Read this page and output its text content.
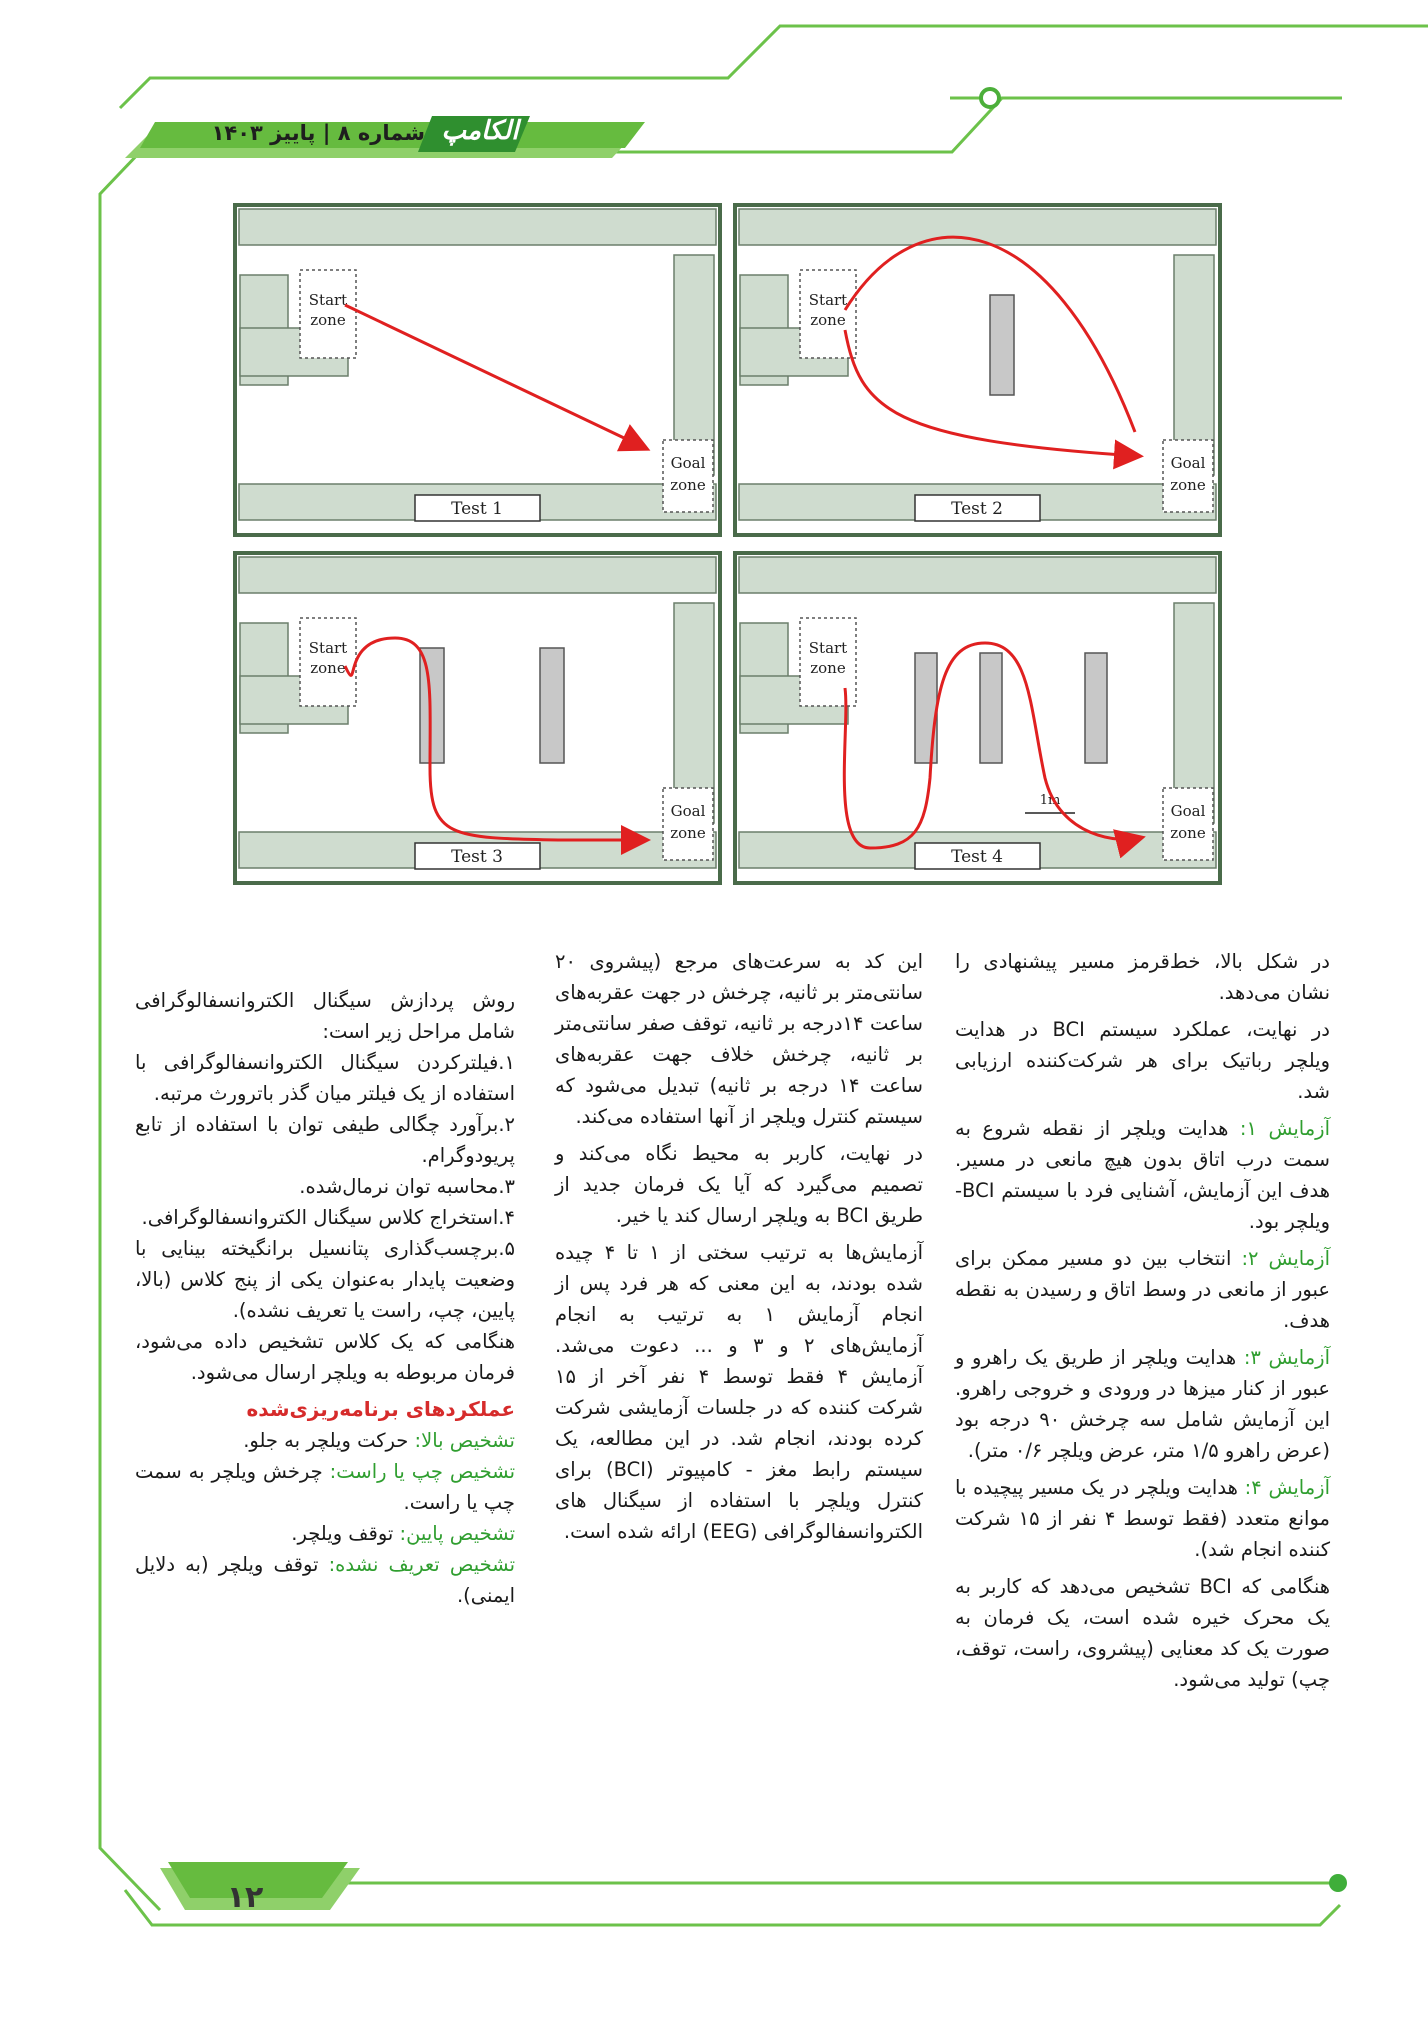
شماره ۸ | پاییز ۱۴۰۳ الکامپ
Start
zone
Goal
zone
Test 1
Start
zone
Goal
zone
Test 2
Start
zone
Goal
zone
Test 3
Start
zone
Goal
zone
Test 4
1m

در شکل بالا، خط‌قرمز مسیر پیشنهادی را نشان می‌دهد.

در نهایت، عملکرد سیستم BCI در هدایت ویلچر رباتیک برای هر شرکت‌کننده ارزیابی شد.

آزمایش ۱: هدایت ویلچر از نقطه شروع به سمت درب اتاق بدون هیچ مانعی در مسیر. هدف این آزمایش، آشنایی فرد با سیستم BCI-ویلچر بود.

آزمایش ۲: انتخاب بین دو مسیر ممکن برای عبور از مانعی در وسط اتاق و رسیدن به نقطه هدف.

آزمایش ۳: هدایت ویلچر از طریق یک راهرو و عبور از کنار میزها در ورودی و خروجی راهرو. این آزمایش شامل سه چرخش ۹۰ درجه بود (عرض راهرو ۱/۵ متر، عرض ویلچر ۰/۶ متر).

آزمایش ۴: هدایت ویلچر در یک مسیر پیچیده با موانع متعدد (فقط توسط ۴ نفر از ۱۵ شرکت کننده انجام شد).

هنگامی که BCI تشخیص می‌دهد که کاربر به یک محرک خیره شده است، یک فرمان به صورت یک کد معنایی (پیشروی، راست، توقف، چپ) تولید می‌شود.

این کد به سرعت‌های مرجع (پیشروی ۲۰ سانتی‌متر بر ثانیه، چرخش در جهت عقربه‌های ساعت ۱۴درجه بر ثانیه، توقف صفر سانتی‌متر بر ثانیه، چرخش خلاف جهت عقربه‌های ساعت ۱۴ درجه بر ثانیه) تبدیل می‌شود که سیستم کنترل ویلچر از آنها استفاده می‌کند.

در نهایت، کاربر به محیط نگاه می‌کند و تصمیم می‌گیرد که آیا یک فرمان جدید از طریق BCI به ویلچر ارسال کند یا خیر.

آزمایش‌ها به ترتیب سختی از ۱ تا ۴ چیده شده بودند، به این معنی که هر فرد پس از انجام آزمایش ۱ به ترتیب به انجام آزمایش‌های ۲ و ۳ و ... دعوت می‌شد. آزمایش ۴ فقط توسط ۴ نفر آخر از ۱۵ شرکت کننده که در جلسات آزمایشی شرکت کرده بودند، انجام شد. در این مطالعه، یک سیستم رابط مغز - کامپیوتر (BCI) برای کنترل ویلچر با استفاده از سیگنال های الکتروانسفالوگرافی (EEG) ارائه شده است.

روش پردازش سیگنال الکتروانسفالوگرافی شامل مراحل زیر است:

۱.فیلترکردن سیگنال الکتروانسفالوگرافی با استفاده از یک فیلتر میان گذر باترورث مرتبه.

۲.برآورد چگالی طیفی توان با استفاده از تابع پریودوگرام.

۳.محاسبه توان نرمال‌شده.

۴.استخراج کلاس سیگنال الکتروانسفالوگرافی.

۵.برچسب‌گذاری پتانسیل برانگیخته بینایی با وضعیت پایدار به‌عنوان یکی از پنج کلاس (بالا، پایین، چپ، راست یا تعریف نشده).

هنگامی که یک کلاس تشخیص داده می‌شود، فرمان مربوطه به ویلچر ارسال می‌شود.

عملکردهای برنامه‌ریزی‌شده

تشخیص بالا: حرکت ویلچر به جلو.

تشخیص چپ یا راست: چرخش ویلچر به سمت چپ یا راست.

تشخیص پایین: توقف ویلچر.

تشخیص تعریف نشده: توقف ویلچر (به دلایل ایمنی).

۱۲
